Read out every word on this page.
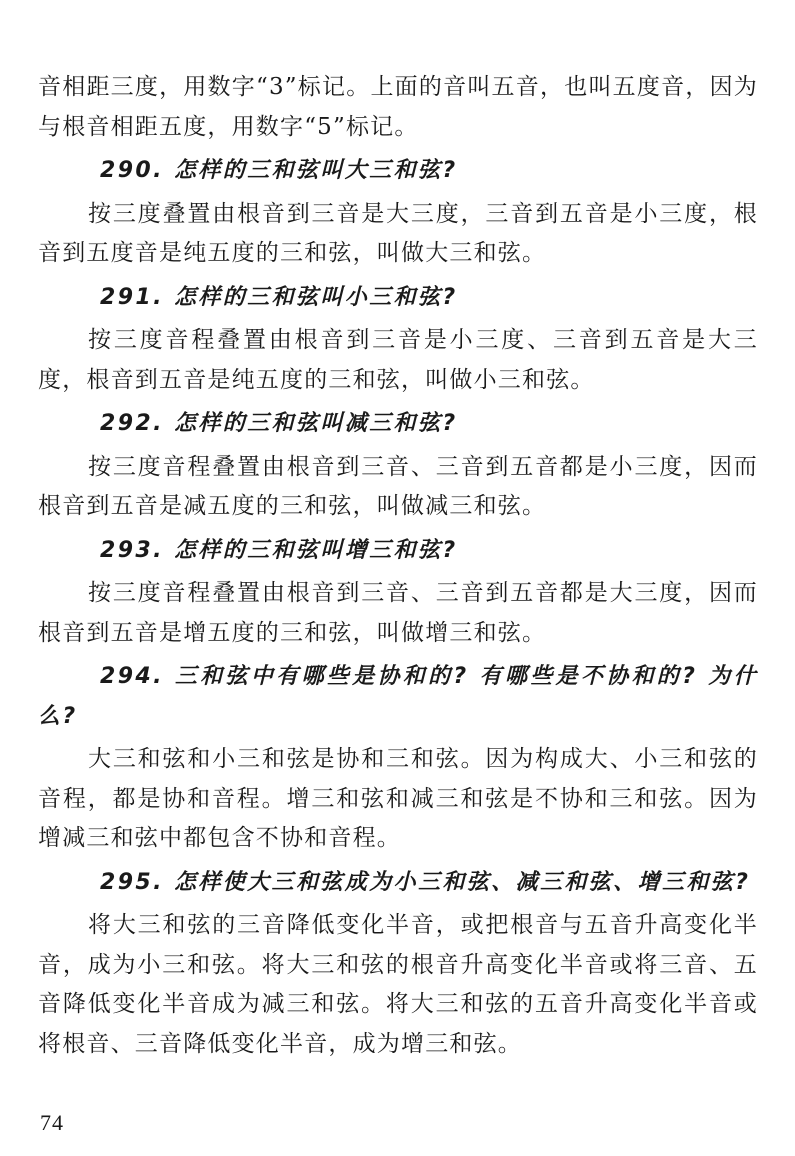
音相距三度，用数字“3”标记。上面的音叫五音，也叫五度音，因为与根音相距五度，用数字“5”标记。

290. 怎样的三和弦叫大三和弦?

按三度叠置由根音到三音是大三度，三音到五音是小三度，根音到五度音是纯五度的三和弦，叫做大三和弦。

291. 怎样的三和弦叫小三和弦?

按三度音程叠置由根音到三音是小三度、三音到五音是大三度，根音到五音是纯五度的三和弦，叫做小三和弦。

292. 怎样的三和弦叫减三和弦?

按三度音程叠置由根音到三音、三音到五音都是小三度，因而根音到五音是减五度的三和弦，叫做减三和弦。

293. 怎样的三和弦叫增三和弦?

按三度音程叠置由根音到三音、三音到五音都是大三度，因而根音到五音是增五度的三和弦，叫做增三和弦。

294. 三和弦中有哪些是协和的? 有哪些是不协和的? 为什么?

大三和弦和小三和弦是协和三和弦。因为构成大、小三和弦的音程，都是协和音程。增三和弦和减三和弦是不协和三和弦。因为增减三和弦中都包含不协和音程。

295. 怎样使大三和弦成为小三和弦、减三和弦、增三和弦?

将大三和弦的三音降低变化半音，或把根音与五音升高变化半音，成为小三和弦。将大三和弦的根音升高变化半音或将三音、五音降低变化半音成为减三和弦。将大三和弦的五音升高变化半音或将根音、三音降低变化半音，成为增三和弦。

74
